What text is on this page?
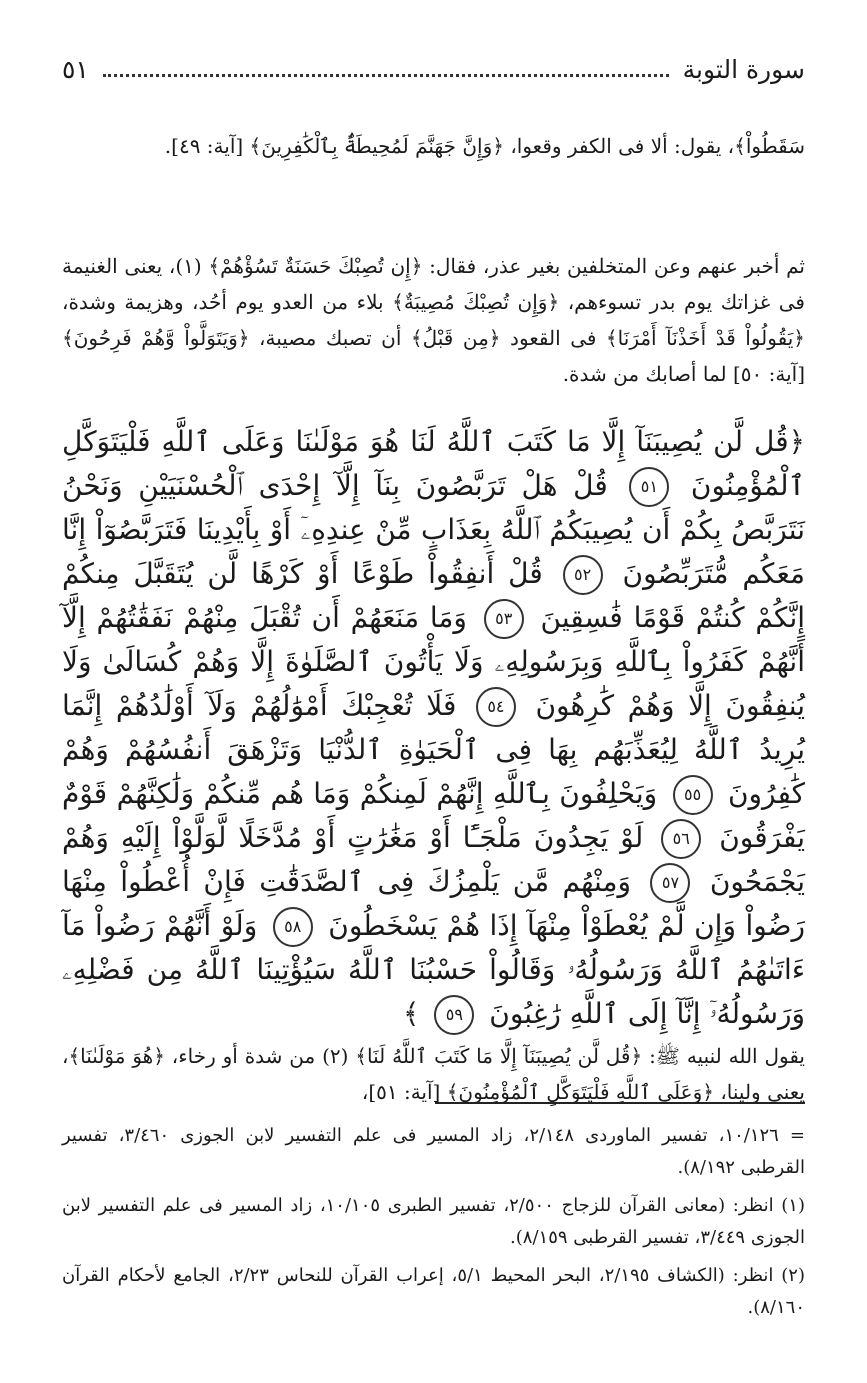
سورة التوبة
٥١

سَقَطُواْ﴾، يقول: ألا فى الكفر وقعوا، ﴿وَإِنَّ جَهَنَّمَ لَمُحِيطَةٌۢ بِٱلْكَٰفِرِينَ﴾ [آية: ٤٩].

ثم أخبر عنهم وعن المتخلفين بغير عذر، فقال: ﴿إِن تُصِبْكَ حَسَنَةٌ تَسُؤْهُمْ﴾ (١)، يعنى الغنيمة فى غزاتك يوم بدر تسوءهم، ﴿وَإِن تُصِبْكَ مُصِيبَةٌ﴾ بلاء من العدو يوم أحُد، وهزيمة وشدة، ﴿يَقُولُواْ قَدْ أَخَذْنَآ أَمْرَنَا﴾ فى القعود ﴿مِن قَبْلُ﴾ أن تصبك مصيبة، ﴿وَيَتَوَلَّواْ وَّهُمْ فَرِحُونَ﴾ [آية: ٥٠] لما أصابك من شدة.

﴿قُل لَّن يُصِيبَنَآ إِلَّا مَا كَتَبَ ٱللَّهُ لَنَا هُوَ مَوْلَىٰنَا وَعَلَى ٱللَّهِ فَلْيَتَوَكَّلِ ٱلْمُؤْمِنُونَ ٥١ قُلْ هَلْ تَرَبَّصُونَ بِنَآ إِلَّآ إِحْدَى ٱلْحُسْنَيَيْنِ وَنَحْنُ نَتَرَبَّصُ بِكُمْ أَن يُصِيبَكُمُ ٱللَّهُ بِعَذَابٍ مِّنْ عِندِهِۦٓ أَوْ بِأَيْدِينَا فَتَرَبَّصُوٓاْ إِنَّا مَعَكُم مُّتَرَبِّصُونَ ٥٢ قُلْ أَنفِقُواْ طَوْعًا أَوْ كَرْهًا لَّن يُتَقَبَّلَ مِنكُمْ إِنَّكُمْ كُنتُمْ قَوْمًا فَٰسِقِينَ ٥٣ وَمَا مَنَعَهُمْ أَن تُقْبَلَ مِنْهُمْ نَفَقَٰتُهُمْ إِلَّآ أَنَّهُمْ كَفَرُواْ بِٱللَّهِ وَبِرَسُولِهِۦ وَلَا يَأْتُونَ ٱلصَّلَوٰةَ إِلَّا وَهُمْ كُسَالَىٰ وَلَا يُنفِقُونَ إِلَّا وَهُمْ كَٰرِهُونَ ٥٤ فَلَا تُعْجِبْكَ أَمْوَٰلُهُمْ وَلَآ أَوْلَٰدُهُمْ إِنَّمَا يُرِيدُ ٱللَّهُ لِيُعَذِّبَهُم بِهَا فِى ٱلْحَيَوٰةِ ٱلدُّنْيَا وَتَزْهَقَ أَنفُسُهُمْ وَهُمْ كَٰفِرُونَ ٥٥ وَيَحْلِفُونَ بِٱللَّهِ إِنَّهُمْ لَمِنكُمْ وَمَا هُم مِّنكُمْ وَلَٰكِنَّهُمْ قَوْمٌ يَفْرَقُونَ ٥٦ لَوْ يَجِدُونَ مَلْجَـًٔا أَوْ مَغَٰرَٰتٍ أَوْ مُدَّخَلًا لَّوَلَّوْاْ إِلَيْهِ وَهُمْ يَجْمَحُونَ ٥٧ وَمِنْهُم مَّن يَلْمِزُكَ فِى ٱلصَّدَقَٰتِ فَإِنْ أُعْطُواْ مِنْهَا رَضُواْ وَإِن لَّمْ يُعْطَوْاْ مِنْهَآ إِذَا هُمْ يَسْخَطُونَ ٥٨ وَلَوْ أَنَّهُمْ رَضُواْ مَآ ءَاتَىٰهُمُ ٱللَّهُ وَرَسُولُهُۥ وَقَالُواْ حَسْبُنَا ٱللَّهُ سَيُؤْتِينَا ٱللَّهُ مِن فَضْلِهِۦ وَرَسُولُهُۥٓ إِنَّآ إِلَى ٱللَّهِ رَٰغِبُونَ ٥٩ ﴾

يقول الله لنبيه ﷺ: ﴿قُل لَّن يُصِيبَنَآ إِلَّا مَا كَتَبَ ٱللَّهُ لَنَا﴾ (٢) من شدة أو رخاء، ﴿هُوَ مَوْلَىٰنَا﴾، يعنى ولينا، ﴿وَعَلَى ٱللَّهِ فَلْيَتَوَكَّلِ ٱلْمُؤْمِنُونَ﴾ [آية: ٥١]،

= ١٠/١٢٦، تفسير الماوردى ٢/١٤٨، زاد المسير فى علم التفسير لابن الجوزى ٣/٤٦٠، تفسير القرطبى ٨/١٩٢).

(١) انظر: (معانى القرآن للزجاج ٢/٥٠٠، تفسير الطبرى ١٠/١٠٥، زاد المسير فى علم التفسير لابن الجوزى ٣/٤٤٩، تفسير القرطبى ٨/١٥٩).

(٢) انظر: (الكشاف ٢/١٩٥، البحر المحيط ٥/١، إعراب القرآن للنحاس ٢/٢٣، الجامع لأحكام القرآن ٨/١٦٠).
